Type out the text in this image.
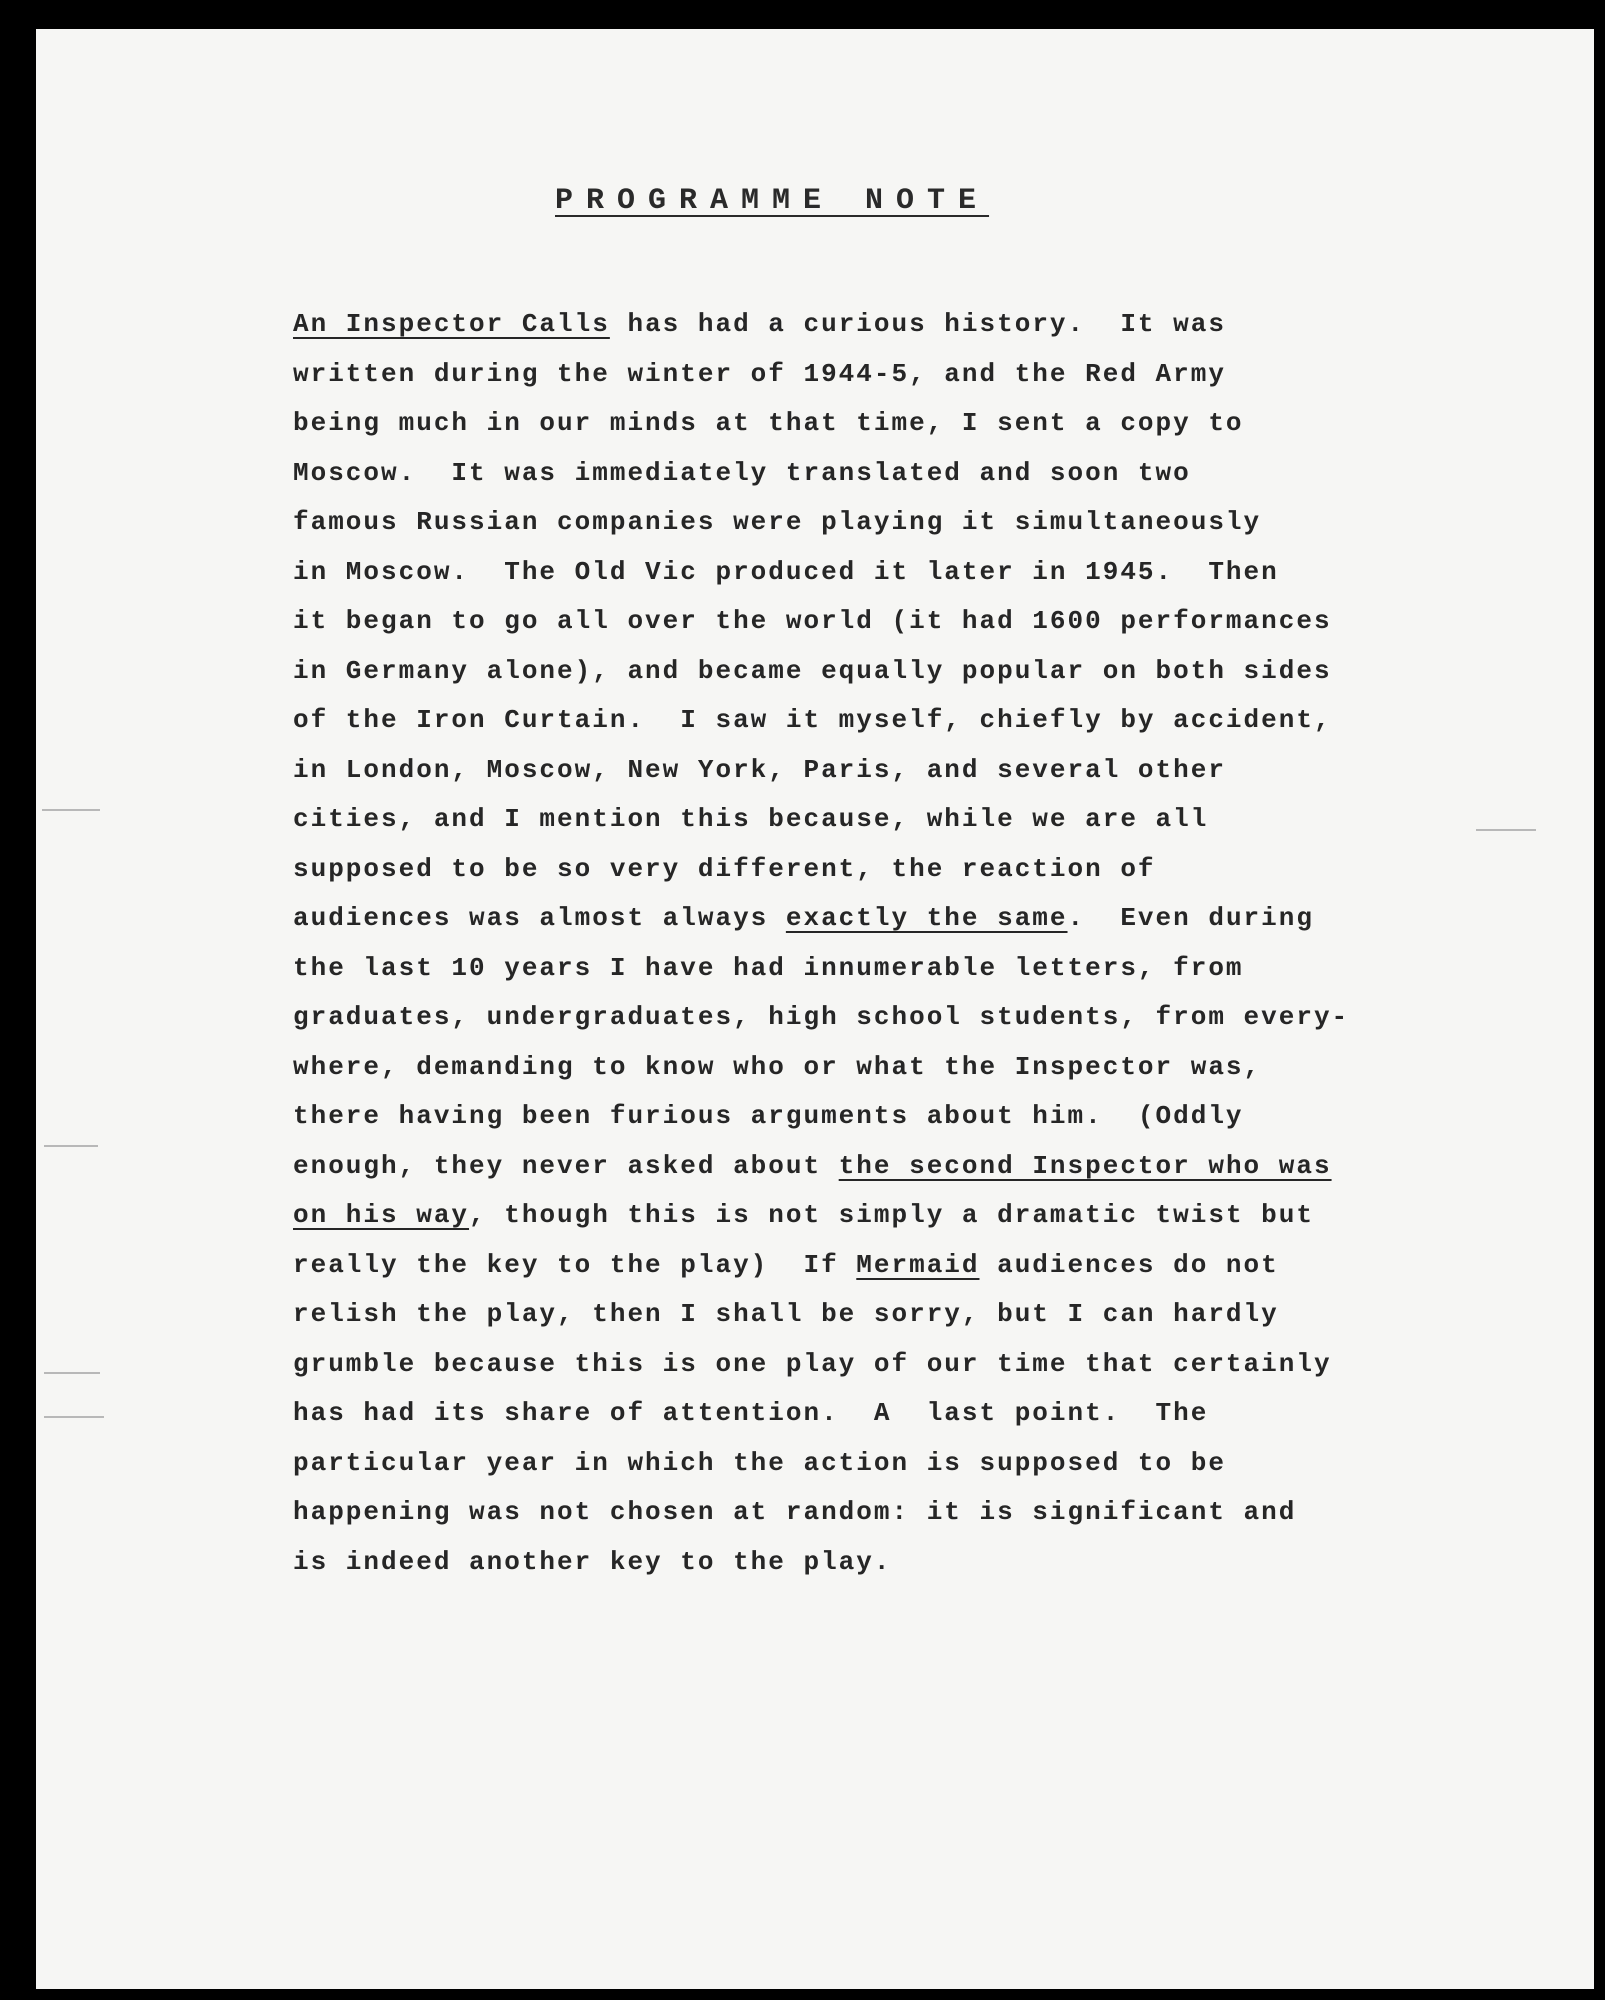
PROGRAMME NOTE
An Inspector Calls has had a curious history.  It was
written during the winter of 1944-5, and the Red Army
being much in our minds at that time, I sent a copy to
Moscow.  It was immediately translated and soon two
famous Russian companies were playing it simultaneously
in Moscow.  The Old Vic produced it later in 1945.  Then
it began to go all over the world (it had 1600 performances
in Germany alone), and became equally popular on both sides
of the Iron Curtain.  I saw it myself, chiefly by accident,
in London, Moscow, New York, Paris, and several other
cities, and I mention this because, while we are all
supposed to be so very different, the reaction of
audiences was almost always exactly the same.  Even during
the last 10 years I have had innumerable letters, from
graduates, undergraduates, high school students, from every-
where, demanding to know who or what the Inspector was,
there having been furious arguments about him.  (Oddly
enough, they never asked about the second Inspector who was
on his way, though this is not simply a dramatic twist but
really the key to the play)  If Mermaid audiences do not
relish the play, then I shall be sorry, but I can hardly
grumble because this is one play of our time that certainly
has had its share of attention.  A  last point.  The
particular year in which the action is supposed to be
happening was not chosen at random: it is significant and
is indeed another key to the play.
